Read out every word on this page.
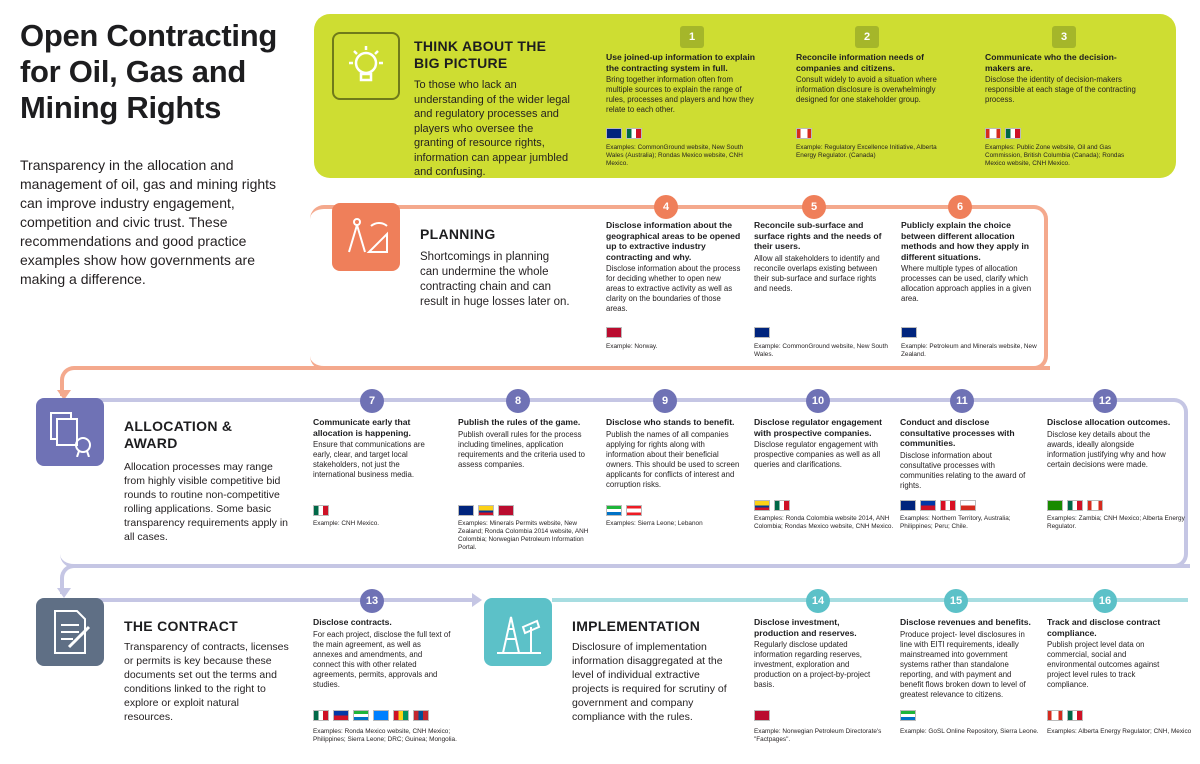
Open Contracting for Oil, Gas and Mining Rights
Transparency in the allocation and management of oil, gas and mining rights can improve industry engagement, competition and civic trust. These recommendations and good practice examples show how governments are making a difference.
THINK ABOUT THE BIG PICTURE
To those who lack an understanding of the wider legal and regulatory processes and players who oversee the granting of resource rights, information can appear jumbled and confusing.
PLANNING
Shortcomings in planning can undermine the whole contracting chain and can result in huge losses later on.
ALLOCATION & AWARD
Allocation processes may range from highly visible competitive bid rounds to routine non-competitive rolling applications. Some basic transparency requirements apply in all cases.
THE CONTRACT
Transparency of contracts, licenses or permits is key because these documents set out the terms and conditions linked to the right to explore or exploit natural resources.
IMPLEMENTATION
Disclosure of implementation information disaggregated at the level of individual extractive projects is required for scrutiny of government and company compliance with the rules.
1
Use joined-up information to explain the contracting system in full.
Bring together information often from multiple sources to explain the range of rules, processes and players and how they relate to each other.
Examples: CommonGround website, New South Wales (Australia); Rondas Mexico website, CNH Mexico.
2
Reconcile information needs of companies and citizens.
Consult widely to avoid a situation where information disclosure is overwhelmingly designed for one stakeholder group.
Example: Regulatory Excellence Initiative, Alberta Energy Regulator. (Canada)
3
Communicate who the decision-makers are.
Disclose the identity of decision-makers responsible at each stage of the contracting process.
Examples: Public Zone website, Oil and Gas Commission, British Columbia (Canada); Rondas Mexico website, CNH Mexico.
4
Disclose information about the geographical areas to be opened up to extractive industry contracting and why.
Disclose information about the process for deciding whether to open new areas to extractive activity as well as clarity on the boundaries of those areas.
Example: Norway.
5
Reconcile sub-surface and surface rights and the needs of their users.
Allow all stakeholders to identify and reconcile overlaps existing between their sub-surface and surface rights and needs.
Example: CommonGround website, New South Wales.
6
Publicly explain the choice between different allocation methods and how they apply in different situations.
Where multiple types of allocation processes can be used, clarify which allocation approach applies in a given area.
Example: Petroleum and Minerals website, New Zealand.
7
Communicate early that allocation is happening.
Ensure that communications are early, clear, and target local stakeholders, not just the international business media.
Example: CNH Mexico.
8
Publish the rules of the game.
Publish overall rules for the process including timelines, application requirements and the criteria used to assess companies.
Examples: Minerals Permits website, New Zealand; Ronda Colombia 2014 website, ANH Colombia; Norwegian Petroleum Information Portal.
9
Disclose who stands to benefit.
Publish the names of all companies applying for rights along with information about their beneficial owners. This should be used to screen applicants for conflicts of interest and corruption risks.
Examples: Sierra Leone; Lebanon
10
Disclose regulator engagement with prospective companies.
Disclose regulator engagement with prospective companies as well as all queries and clarifications.
Examples: Ronda Colombia website 2014, ANH Colombia; Rondas Mexico website, CNH Mexico.
11
Conduct and disclose consultative processes with communities.
Disclose information about consultative processes with communities relating to the award of rights.
Examples: Northern Territory, Australia; Philippines; Peru; Chile.
12
Disclose allocation outcomes.
Disclose key details about the awards, ideally alongside information justifying why and how certain decisions were made.
Examples: Zambia; CNH Mexico; Alberta Energy Regulator.
13
Disclose contracts.
For each project, disclose the full text of the main agreement, as well as annexes and amendments, and connect this with other related agreements, permits, approvals and studies.
Examples: Ronda Mexico website, CNH Mexico; Philippines; Sierra Leone; DRC; Guinea; Mongolia.
14
Disclose investment, production and reserves.
Regularly disclose updated information regarding reserves, investment, exploration and production on a project-by-project basis.
Example: Norwegian Petroleum Directorate's "Factpages".
15
Disclose revenues and benefits.
Produce project- level disclosures in line with EITI requirements, ideally mainstreamed into government systems rather than standalone reporting, and with payment and benefit flows broken down to level of greatest relevance to citizens.
Example: GoSL Online Repository, Sierra Leone.
16
Track and disclose contract compliance.
Publish project level data on commercial, social and environmental outcomes against project level rules to track compliance.
Examples: Alberta Energy Regulator; CNH, Mexico
